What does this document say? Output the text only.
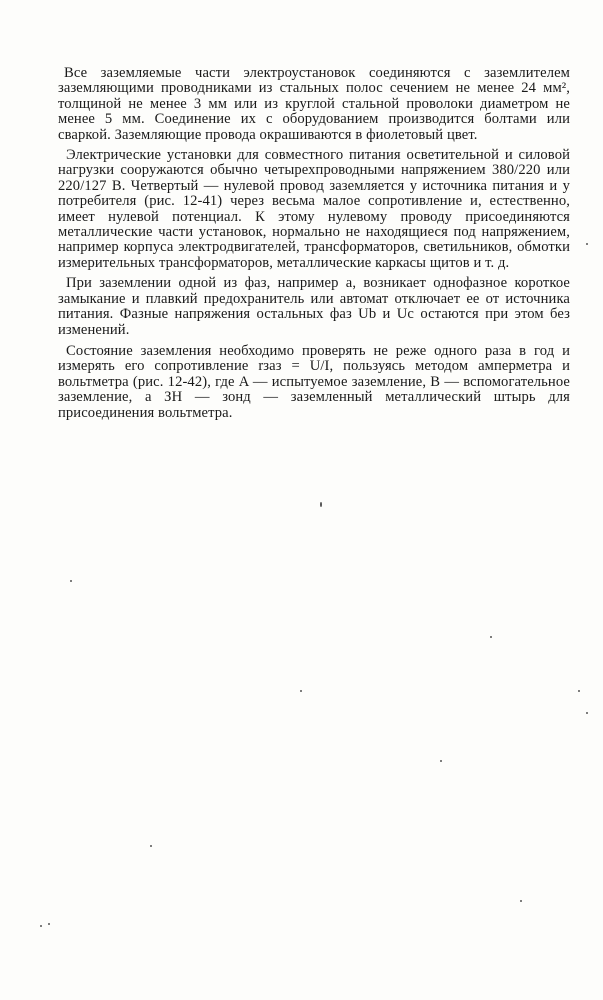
Все заземляемые части электроустановок соединяются с заземлителем заземляющими проводниками из стальных полос сечением не менее 24 мм², толщиной не менее 3 мм или из круглой стальной проволоки диаметром не менее 5 мм. Соединение их с оборудованием производится болтами или сваркой. Заземляющие провода окрашиваются в фиолетовый цвет.

Электрические установки для совместного питания осветительной и силовой нагрузки сооружаются обычно четырехпроводными напряжением 380/220 или 220/127 В. Четвертый — нулевой провод заземляется у источника питания и у потребителя (рис. 12-41) через весьма малое сопротивление и, естественно, имеет нулевой потенциал. К этому нулевому проводу присоединяются металлические части установок, нормально не находящиеся под напряжением, например корпуса электродвигателей, трансформаторов, светильников, обмотки измерительных трансформаторов, металлические каркасы щитов и т. д.

При заземлении одной из фаз, например a, возникает однофазное короткое замыкание и плавкий предохранитель или автомат отключает ее от источника питания. Фазные напряжения остальных фаз Ub и Uc остаются при этом без изменений.

Состояние заземления необходимо проверять не реже одного раза в год и измерять его сопротивление rзаз = U/I, пользуясь методом амперметра и вольтметра (рис. 12-42), где A — испытуемое заземление, B — вспомогательное заземление, а ЗН — зонд — заземленный металлический штырь для присоединения вольтметра.
